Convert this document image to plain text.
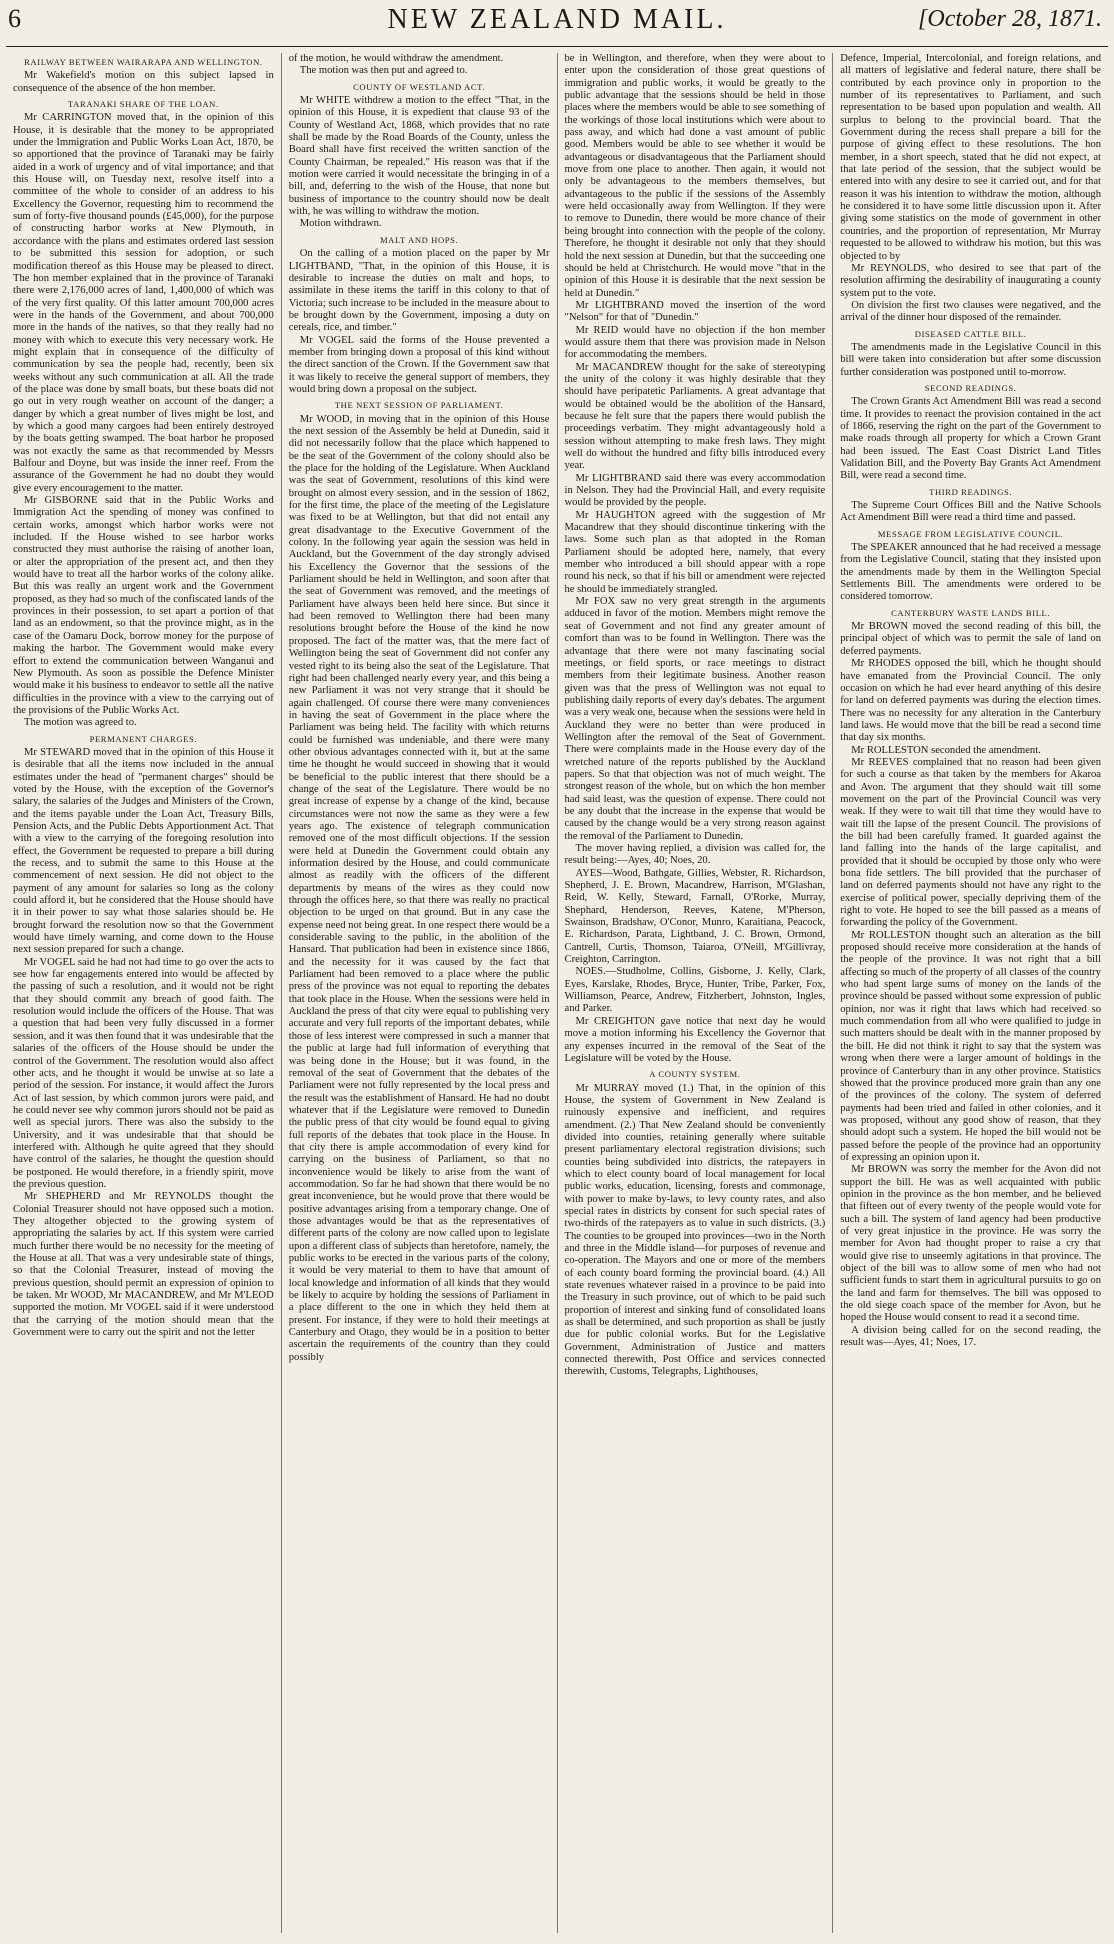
6	NEW ZEALAND MAIL.	[October 28, 1871.
RAILWAY BETWEEN WAIRARAPA AND WELLINGTON.

Mr Wakefield's motion on this subject lapsed in consequence of the absence of the hon member.

TARANAKI SHARE OF THE LOAN.

Mr CARRINGTON moved that, in the opinion of this House, it is desirable that the money to be appropriated under the Immigration and Public Works Loan Act, 1870, be so apportioned that the province of Taranaki may be fairly aided in a work of urgency and of vital importance; and that this House will, on Tuesday next, resolve itself into a committee of the whole to consider of an address to his Excellency the Governor, requesting him to recommend the sum of forty-five thousand pounds (£45,000), for the purpose of constructing harbor works at New Plymouth, in accordance with the plans and estimates ordered last session to be submitted this session for adoption, or such modification thereof as this House may be pleased to direct. The hon member explained that in the province of Taranaki there were 2,176,000 acres of land, 1,400,000 of which was of the very first quality. Of this latter amount 700,000 acres were in the hands of the Government, and about 700,000 more in the hands of the natives, so that they really had no money with which to execute this very necessary work. He might explain that in consequence of the difficulty of communication by sea the people had, recently, been six weeks without any such communication at all. All the trade of the place was done by small boats, but these boats did not go out in very rough weather on account of the danger; a danger by which a great number of lives might be lost, and by which a good many cargoes had been entirely destroyed by the boats getting swamped. The boat harbor he proposed was not exactly the same as that recommended by Messrs Balfour and Doyne, but was inside the inner reef. From the assurance of the Government he had no doubt they would give every encouragement to the matter.

Mr GISBORNE said that in the Public Works and Immigration Act the spending of money was confined to certain works, amongst which harbor works were not included. If the House wished to see harbor works constructed they must authorise the raising of another loan, or alter the appropriation of the present act, and then they would have to treat all the harbor works of the colony alike. But this was really an urgent work and the Government proposed, as they had so much of the confiscated lands of the provinces in their possession, to set apart a portion of that land as an endowment, so that the province might, as in the case of the Oamaru Dock, borrow money for the purpose of making the harbor. The Government would make every effort to extend the communication between Wanganui and New Plymouth. As soon as possible the Defence Minister would make it his business to endeavor to settle all the native difficulties in the province with a view to the carrying out of the provisions of the Public Works Act.

The motion was agreed to.

PERMANENT CHARGES.

Mr STEWARD moved that in the opinion of this House it is desirable that all the items now included in the annual estimates under the head of "permanent charges" should be voted by the House, with the exception of the Governor's salary, the salaries of the Judges and Ministers of the Crown, and the items payable under the Loan Act, Treasury Bills, Pension Acts, and the Public Debts Apportionment Act. That with a view to the carrying of the foregoing resolution into effect, the Government be requested to prepare a bill during the recess, and to submit the same to this House at the commencement of next session. He did not object to the payment of any amount for salaries so long as the colony could afford it, but he considered that the House should have it in their power to say what those salaries should be. He brought forward the resolution now so that the Government would have timely warning, and come down to the House next session prepared for such a change.

Mr VOGEL said he had not had time to go over the acts to see how far engagements entered into would be affected by the passing of such a resolution, and it would not be right that they should commit any breach of good faith. The resolution would include the officers of the House. That was a question that had been very fully discussed in a former session, and it was then found that it was undesirable that the salaries of the officers of the House should be under the control of the Government. The resolution would also affect other acts, and he thought it would be unwise at so late a period of the session. For instance, it would affect the Jurors Act of last session, by which common jurors were paid, and he could never see why common jurors should not be paid as well as special jurors. There was also the subsidy to the University, and it was undesirable that that should be interfered with. Although he quite agreed that they should have control of the salaries, he thought the question should be postponed. He would therefore, in a friendly spirit, move the previous question.

Mr SHEPHERD and Mr REYNOLDS thought the Colonial Treasurer should not have opposed such a motion. They altogether objected to the growing system of appropriating the salaries by act. If this system were carried much further there would be no necessity for the meeting of the House at all. That was a very undesirable state of things, so that the Colonial Treasurer, instead of moving the previous question, should permit an expression of opinion to be taken. Mr WOOD, Mr MACANDREW, and Mr M'LEOD supported the motion. Mr VOGEL said if it were understood that the carrying of the motion should mean that the Government were to carry out the spirit and not the letter

of the motion, he would withdraw the amendment.

The motion was then put and agreed to.

COUNTY OF WESTLAND ACT.

Mr WHITE withdrew a motion to the effect "That, in the opinion of this House, it is expedient that clause 93 of the County of Westland Act, 1868, which provides that no rate shall be made by the Road Boards of the County, unless the Board shall have first received the written sanction of the County Chairman, be repealed." His reason was that if the motion were carried it would necessitate the bringing in of a bill, and, deferring to the wish of the House, that none but business of importance to the country should now be dealt with, he was willing to withdraw the motion.

Motion withdrawn.

MALT AND HOPS.

On the calling of a motion placed on the paper by Mr LIGHTBAND, "That, in the opinion of this House, it is desirable to increase the duties on malt and hops, to assimilate in these items the tariff in this colony to that of Victoria; such increase to be included in the measure about to be brought down by the Government, imposing a duty on cereals, rice, and timber."

Mr VOGEL said the forms of the House prevented a member from bringing down a proposal of this kind without the direct sanction of the Crown. If the Government saw that it was likely to receive the general support of members, they would bring down a proposal on the subject.

THE NEXT SESSION OF PARLIAMENT.

Mr WOOD, in moving that in the opinion of this House the next session of the Assembly be held at Dunedin, said it did not necessarily follow that the place which happened to be the seat of the Government of the colony should also be the place for the holding of the Legislature. When Auckland was the seat of Government, resolutions of this kind were brought on almost every session, and in the session of 1862, for the first time, the place of the meeting of the Legislature was fixed to be at Wellington, but that did not entail any great disadvantage to the Executive Government of the colony. In the following year again the session was held in Auckland, but the Government of the day strongly advised his Excellency the Governor that the sessions of the Parliament should be held in Wellington, and soon after that the seat of Government was removed, and the meetings of Parliament have always been held here since. But since it had been removed to Wellington there had been many resolutions brought before the House of the kind he now proposed. The fact of the matter was, that the mere fact of Wellington being the seat of Government did not confer any vested right to its being also the seat of the Legislature. That right had been challenged nearly every year, and this being a new Parliament it was not very strange that it should be again challenged. Of course there were many conveniences in having the seat of Government in the place where the Parliament was being held. The facility with which returns could be furnished was undeniable, and there were many other obvious advantages connected with it, but at the same time he thought he would succeed in showing that it would be beneficial to the public interest that there should be a change of the seat of the Legislature. There would be no great increase of expense by a change of the kind, because circumstances were not now the same as they were a few years ago. The existence of telegraph communication removed one of the most difficult objections. If the session were held at Dunedin the Government could obtain any information desired by the House, and could communicate almost as readily with the officers of the different departments by means of the wires as they could now through the offices here, so that there was really no practical objection to be urged on that ground. But in any case the expense need not being great. In one respect there would be a considerable saving to the public, in the abolition of the Hansard. That publication had been in existence since 1866, and the necessity for it was caused by the fact that Parliament had been removed to a place where the public press of the province was not equal to reporting the debates that took place in the House. When the sessions were held in Auckland the press of that city were equal to publishing very accurate and very full reports of the important debates, while those of less interest were compressed in such a manner that the public at large had full information of everything that was being done in the House; but it was found, in the removal of the seat of Government that the debates of the Parliament were not fully represented by the local press and the result was the establishment of Hansard. He had no doubt whatever that if the Legislature were removed to Dunedin the public press of that city would be found equal to giving full reports of the debates that took place in the House. In that city there is ample accommodation of every kind for carrying on the business of Parliament, so that no inconvenience would be likely to arise from the want of accommodation. So far he had shown that there would be no great inconvenience, but he would prove that there would be positive advantages arising from a temporary change. One of those advantages would be that as the representatives of different parts of the colony are now called upon to legislate upon a different class of subjects than heretofore, namely, the public works to be erected in the various parts of the colony, it would be very material to them to have that amount of local knowledge and information of all kinds that they would be likely to acquire by holding the sessions of Parliament in a place different to the one in which they held them at present. For instance, if they were to hold their meetings at Canterbury and Otago, they would be in a position to better ascertain the requirements of the country than they could possibly

be in Wellington, and therefore, when they were about to enter upon the consideration of those great questions of immigration and public works, it would be greatly to the public advantage that the sessions should be held in those places where the members would be able to see something of the workings of those local institutions which were about to pass away, and which had done a vast amount of public good. Members would be able to see whether it would be advantageous or disadvantageous that the Parliament should move from one place to another. Then again, it would not only be advantageous to the members themselves, but advantageous to the public if the sessions of the Assembly were held occasionally away from Wellington. If they were to remove to Dunedin, there would be more chance of their being brought into connection with the people of the colony. Therefore, he thought it desirable not only that they should hold the next session at Dunedin, but that the succeeding one should be held at Christchurch. He would move "that in the opinion of this House it is desirable that the next session be held at Dunedin."

Mr LIGHTBRAND moved the insertion of the word "Nelson" for that of "Dunedin."

Mr REID would have no objection if the hon member would assure them that there was provision made in Nelson for accommodating the members.

Mr MACANDREW thought for the sake of stereotyping the unity of the colony it was highly desirable that they should have peripatetic Parliaments. A great advantage that would be obtained would be the abolition of the Hansard, because he felt sure that the papers there would publish the proceedings verbatim. They might advantageously hold a session without attempting to make fresh laws. They might well do without the hundred and fifty bills introduced every year.

Mr LIGHTBRAND said there was every accommodation in Nelson. They had the Provincial Hall, and every requisite would be provided by the people.

Mr HAUGHTON agreed with the suggestion of Mr Macandrew that they should discontinue tinkering with the laws. Some such plan as that adopted in the Roman Parliament should be adopted here, namely, that every member who introduced a bill should appear with a rope round his neck, so that if his bill or amendment were rejected he should be immediately strangled.

Mr FOX saw no very great strength in the arguments adduced in favor of the motion. Members might remove the seat of Government and not find any greater amount of comfort than was to be found in Wellington. There was the advantage that there were not many fascinating social meetings, or field sports, or race meetings to distract members from their legitimate business. Another reason given was that the press of Wellington was not equal to publishing daily reports of every day's debates. The argument was a very weak one, because when the sessions were held in Auckland they were no better than were produced in Wellington after the removal of the Seat of Government. There were complaints made in the House every day of the wretched nature of the reports published by the Auckland papers. So that that objection was not of much weight. The strongest reason of the whole, but on which the hon member had said least, was the question of expense. There could not be any doubt that the increase in the expense that would be caused by the change would be a very strong reason against the removal of the Parliament to Dunedin.

The mover having replied, a division was called for, the result being:—Ayes, 40; Noes, 20.

AYES—Wood, Bathgate, Gillies, Webster, R. Richardson, Shepherd, J. E. Brown, Macandrew, Harrison, M'Glashan, Reid, W. Kelly, Steward, Farnall, O'Rorke, Murray, Shephard, Henderson, Reeves, Katene, M'Pherson, Swainson, Bradshaw, O'Conor, Munro, Karaitiana, Peacock, E. Richardson, Parata, Lightband, J. C. Brown, Ormond, Cantrell, Curtis, Thomson, Taiaroa, O'Neill, M'Gillivray, Creighton, Carrington.

NOES.—Studholme, Collins, Gisborne, J. Kelly, Clark, Eyes, Karslake, Rhodes, Bryce, Hunter, Tribe, Parker, Fox, Williamson, Pearce, Andrew, Fitzherbert, Johnston, Ingles, and Parker.

Mr CREIGHTON gave notice that next day he would move a motion informing his Excellency the Governor that any expenses incurred in the removal of the Seat of the Legislature will be voted by the House.

A COUNTY SYSTEM.

Mr MURRAY moved (1.) That, in the opinion of this House, the system of Government in New Zealand is ruinously expensive and inefficient, and requires amendment. (2.) That New Zealand should be conveniently divided into counties, retaining generally where suitable present parliamentary electoral registration divisions; such counties being subdivided into districts, the ratepayers in which to elect county board of local management for local public works, education, licensing, forests and commonage, with power to make by-laws, to levy county rates, and also special rates in districts by consent for such special rates of two-thirds of the ratepayers as to value in such districts. (3.) The counties to be grouped into provinces—two in the North and three in the Middle island—for purposes of revenue and co-operation. The Mayors and one or more of the members of each county board forming the provincial board. (4.) All state revenues whatever raised in a province to be paid into the Treasury in such province, out of which to be paid such proportion of interest and sinking fund of consolidated loans as shall be determined, and such proportion as shall be justly due for public colonial works. But for the Legislative Government, Administration of Justice and matters connected therewith, Post Office and services connected therewith, Customs, Telegraphs, Lighthouses,

Defence, Imperial, Intercolonial, and foreign relations, and all matters of legislative and federal nature, there shall be contributed by each province only in proportion to the number of its representatives to Parliament, and such representation to be based upon population and wealth. All surplus to belong to the provincial board. That the Government during the recess shall prepare a bill for the purpose of giving effect to these resolutions. The hon member, in a short speech, stated that he did not expect, at that late period of the session, that the subject would be entered into with any desire to see it carried out, and for that reason it was his intention to withdraw the motion, although he considered it to have some little discussion upon it. After giving some statistics on the mode of government in other countries, and the proportion of representation, Mr Murray requested to be allowed to withdraw his motion, but this was objected to by

Mr REYNOLDS, who desired to see that part of the resolution affirming the desirability of inaugurating a county system put to the vote.

On division the first two clauses were negatived, and the arrival of the dinner hour disposed of the remainder.

DISEASED CATTLE BILL.

The amendments made in the Legislative Council in this bill were taken into consideration but after some discussion further consideration was postponed until to-morrow.

SECOND READINGS.

The Crown Grants Act Amendment Bill was read a second time. It provides to reenact the provision contained in the act of 1866, reserving the right on the part of the Government to make roads through all property for which a Crown Grant had been issued. The East Coast District Land Titles Validation Bill, and the Poverty Bay Grants Act Amendment Bill, were read a second time.

THIRD READINGS.

The Supreme Court Offices Bill and the Native Schools Act Amendment Bill were read a third time and passed.

MESSAGE FROM LEGISLATIVE COUNCIL.

The SPEAKER announced that he had received a message from the Legislative Council, stating that they insisted upon the amendments made by them in the Wellington Special Settlements Bill. The amendments were ordered to be considered tomorrow.

CANTERBURY WASTE LANDS BILL.

Mr BROWN moved the second reading of this bill, the principal object of which was to permit the sale of land on deferred payments.

Mr RHODES opposed the bill, which he thought should have emanated from the Provincial Council. The only occasion on which he had ever heard anything of this desire for land on deferred payments was during the election times. There was no necessity for any alteration in the Canterbury land laws. He would move that the bill be read a second time that day six months.

Mr ROLLESTON seconded the amendment.

Mr REEVES complained that no reason had been given for such a course as that taken by the members for Akaroa and Avon. The argument that they should wait till some movement on the part of the Provincial Council was very weak. If they were to wait till that time they would have to wait till the lapse of the present Council. The provisions of the bill had been carefully framed. It guarded against the land falling into the hands of the large capitalist, and provided that it should be occupied by those only who were bona fide settlers. The bill provided that the purchaser of land on deferred payments should not have any right to the exercise of political power, specially depriving them of the right to vote. He hoped to see the bill passed as a means of forwarding the policy of the Government.

Mr ROLLESTON thought such an alteration as the bill proposed should receive more consideration at the hands of the people of the province. It was not right that a bill affecting so much of the property of all classes of the country who had spent large sums of money on the lands of the province should be passed without some expression of public opinion, nor was it right that laws which had received so much commendation from all who were qualified to judge in such matters should be dealt with in the manner proposed by the bill. He did not think it right to say that the system was wrong when there were a larger amount of holdings in the province of Canterbury than in any other province. Statistics showed that the province produced more grain than any one of the provinces of the colony. The system of deferred payments had been tried and failed in other colonies, and it was proposed, without any good show of reason, that they should adopt such a system. He hoped the bill would not be passed before the people of the province had an opportunity of expressing an opinion upon it.

Mr BROWN was sorry the member for the Avon did not support the bill. He was as well acquainted with public opinion in the province as the hon member, and he believed that fifteen out of every twenty of the people would vote for such a bill. The system of land agency had been productive of very great injustice in the province. He was sorry the member for Avon had thought proper to raise a cry that would give rise to unseemly agitations in that province. The object of the bill was to allow some of men who had not sufficient funds to start them in agricultural pursuits to go on the land and farm for themselves. The bill was opposed to the old siege coach space of the member for Avon, but he hoped the House would consent to read it a second time.

A division being called for on the second reading, the result was—Ayes, 41; Noes, 17.
